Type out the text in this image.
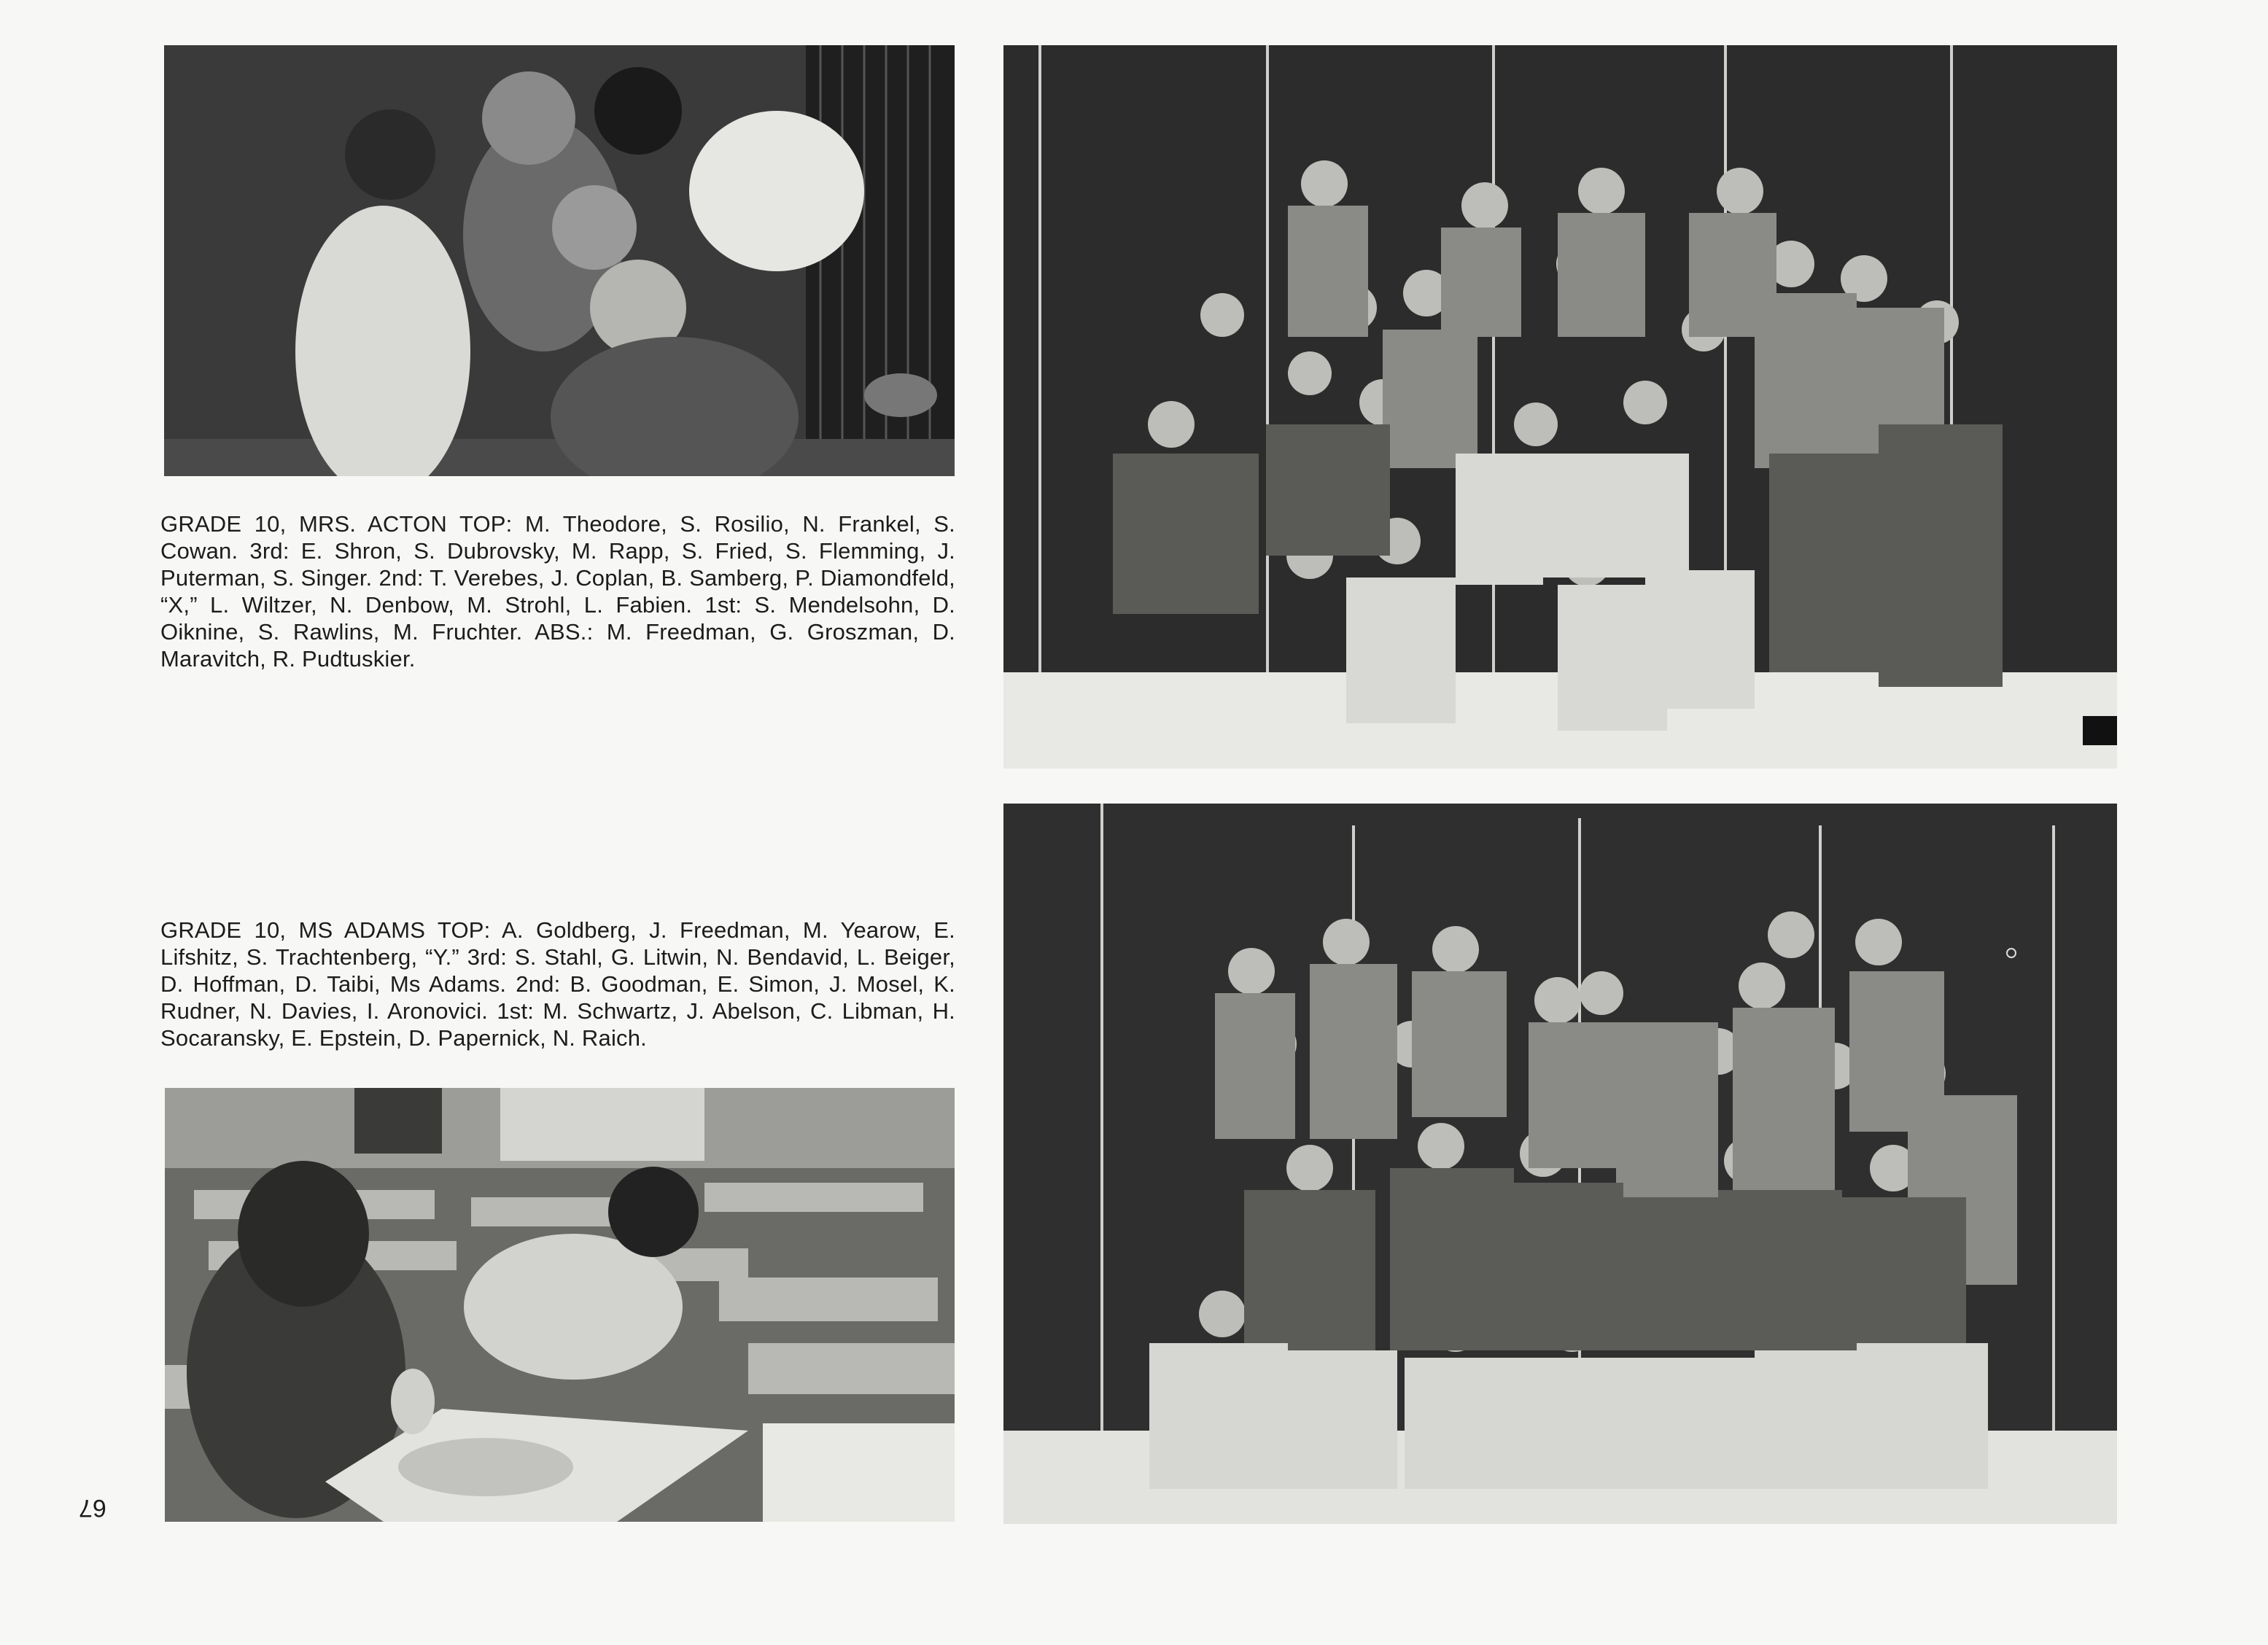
GRADE 10, MRS. ACTON TOP: M. Theodore, S. Rosilio, N. Frankel, S. Cowan. 3rd: E. Shron, S. Dubrovsky, M. Rapp, S. Fried, S. Flemming, J. Puterman, S. Singer. 2nd: T. Verebes, J. Coplan, B. Samberg, P. Diamondfeld, “X,” L. Wiltzer, N. Denbow, M. Strohl, L. Fabien. 1st: S. Mendelsohn, D. Oiknine, S. Rawlins, M. Fruchter. ABS.: M. Freedman, G. Groszman, D. Maravitch, R. Pudtuskier.

GRADE 10, MS ADAMS TOP: A. Goldberg, J. Freedman, M. Yearow, E. Lifshitz, S. Trachtenberg, “Y.” 3rd: S. Stahl, G. Litwin, N. Bendavid, L. Beiger, D. Hoffman, D. Taibi, Ms Adams. 2nd: B. Goodman, E. Simon, J. Mosel, K. Rudner, N. Davies, I. Aronovici. 1st: M. Schwartz, J. Abelson, C. Libman, H. Socaransky, E. Epstein, D. Papernick, N. Raich.

67
